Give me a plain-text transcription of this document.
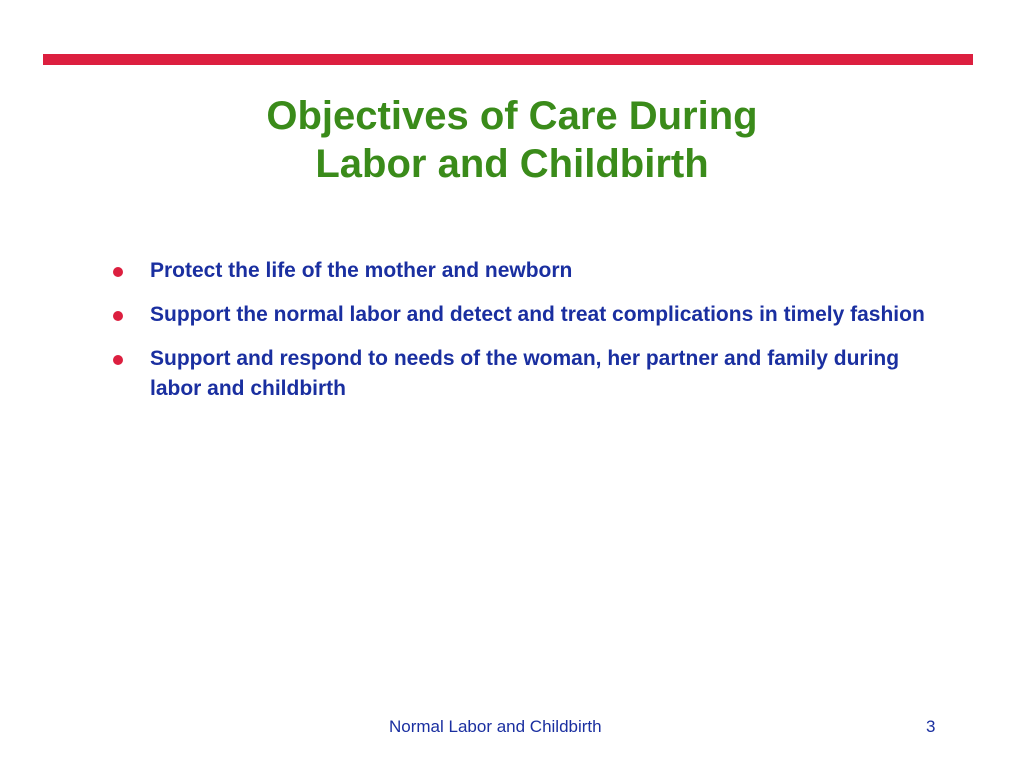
Objectives of Care During
Labor and Childbirth
Protect the life of the mother and newborn
Support the normal labor and detect and treat complications in timely fashion
Support and respond to needs of the woman, her partner and family during labor and childbirth
Normal Labor and Childbirth	3
